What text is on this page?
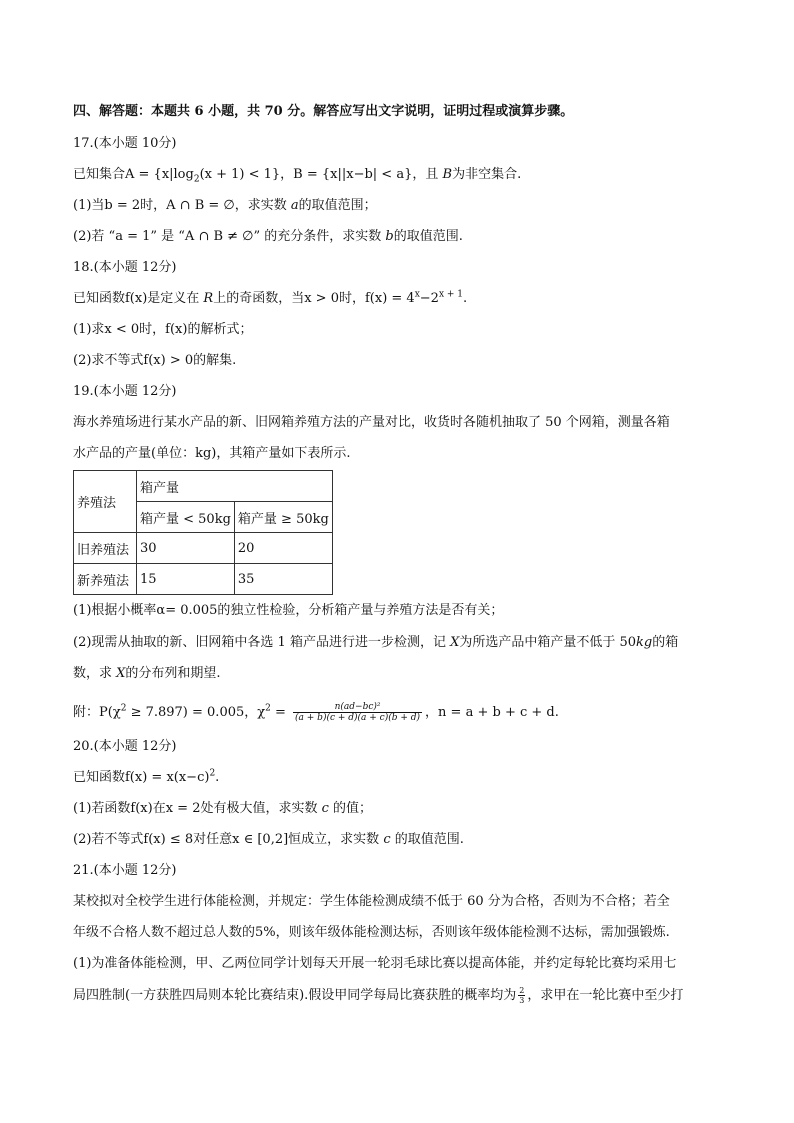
四、解答题：本题共 6 小题，共 70 分。解答应写出文字说明，证明过程或演算步骤。
17.(本小题 10分)
已知集合$A = \{x|\log_2(x + 1) < 1\}$，B = {x||x−b| < a}，且 B为非空集合.
(1)当b = 2时，A ∩ B = ∅，求实数 a的取值范围；
(2)若 “a = 1” 是 “A ∩ B ≠ ∅” 的充分条件，求实数 b的取值范围.
18.(本小题 12分)
已知函数f(x)是定义在 R上的奇函数，当x > 0时，$f(x) = 4^x-2^{x + 1}$.
(1)求x < 0时，f(x)的解析式；
(2)求不等式f(x) > 0的解集.
19.(本小题 12分)
海水养殖场进行某水产品的新、旧网箱养殖方法的产量对比，收货时各随机抽取了 50 个网箱，测量各箱
水产品的产量(单位：kg)，其箱产量如下表所示.
养殖法	箱产量	
	箱产量 < 50kg	箱产量 ≥ 50kg
旧养殖法	30	20
新养殖法	15	35
(1)根据小概率α= 0.005的独立性检验，分析箱产量与养殖方法是否有关；
(2)现需从抽取的新、旧网箱中各选 1 箱产品进行进一步检测，记 X为所选产品中箱产量不低于 50kg的箱
数，求 X的分布列和期望.
附：$P(\chi^2 \ge 7.897) = 0.005$，$\chi^2 = \frac{\text{n(ad−bc)²}}{(a + b)(c + d)(a + c)(b + d)}$ ，n = a + b + c + d.
20.(本小题 12分)
已知函数$f(x) = x(x-c)^2$.
(1)若函数f(x)在x = 2处有极大值，求实数 c 的值；
(2)若不等式f(x) ≤ 8对任意x ∈ [0,2]恒成立，求实数 c 的取值范围.
21.(本小题 12分)
某校拟对全校学生进行体能检测，并规定：学生体能检测成绩不低于 60 分为合格，否则为不合格；若全
年级不合格人数不超过总人数的5%，则该年级体能检测达标，否则该年级体能检测不达标，需加强锻炼.
(1)为准备体能检测，甲、乙两位同学计划每天开展一轮羽毛球比赛以提高体能，并约定每轮比赛均采用七
局四胜制(一方获胜四局则本轮比赛结束).假设甲同学每局比赛获胜的概率均为 $\frac{2}{3}$ ，求甲在一轮比赛中至少打
